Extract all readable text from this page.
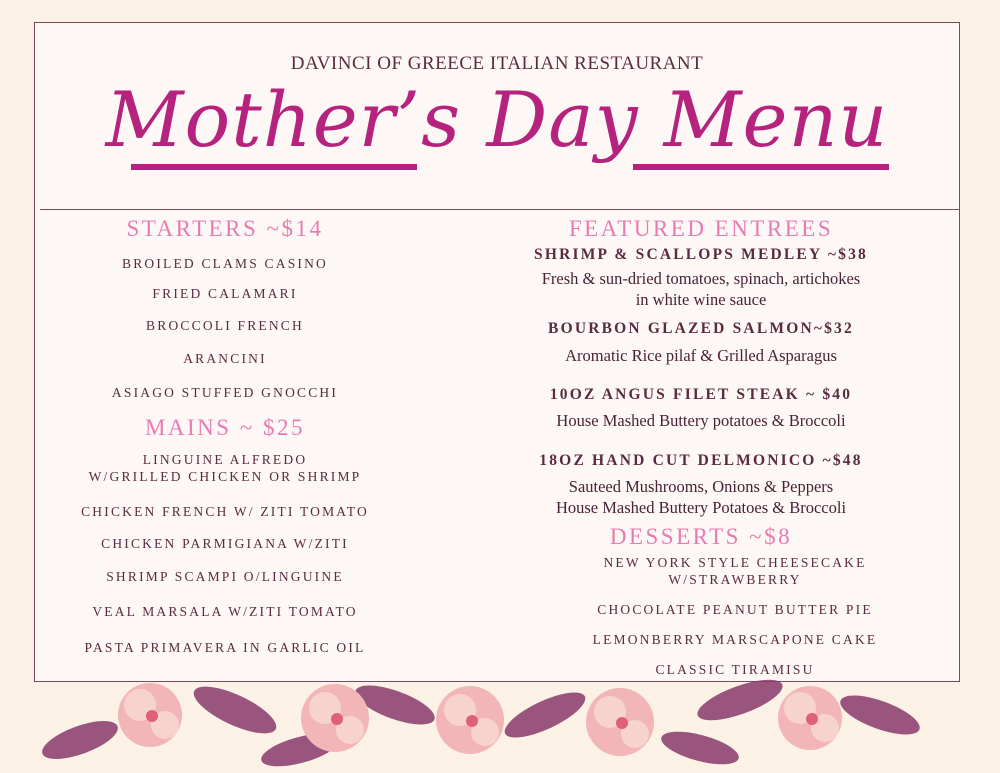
DAVINCI OF GREECE ITALIAN RESTAURANT
Mother’s Day Menu
STARTERS ~$14
BROILED CLAMS CASINO
FRIED CALAMARI
BROCCOLI FRENCH
ARANCINI
ASIAGO STUFFED GNOCCHI
MAINS ~ $25
LINGUINE ALFREDO
W/GRILLED CHICKEN OR SHRIMP
CHICKEN FRENCH W/ ZITI TOMATO
CHICKEN PARMIGIANA W/ZITI
SHRIMP SCAMPI O/LINGUINE
VEAL MARSALA W/ZITI TOMATO
PASTA PRIMAVERA IN GARLIC OIL
FEATURED ENTREES
SHRIMP & SCALLOPS MEDLEY ~$38
Fresh & sun-dried tomatoes, spinach, artichokes
in white wine sauce
BOURBON GLAZED SALMON~$32
Aromatic Rice pilaf & Grilled Asparagus
10OZ ANGUS FILET STEAK ~ $40
House Mashed Buttery potatoes & Broccoli
18OZ HAND CUT DELMONICO ~$48
Sauteed Mushrooms, Onions & Peppers
House Mashed Buttery Potatoes & Broccoli
DESSERTS ~$8
NEW YORK STYLE CHEESECAKE
W/STRAWBERRY
CHOCOLATE PEANUT BUTTER PIE
LEMONBERRY MARSCAPONE CAKE
CLASSIC TIRAMISU
